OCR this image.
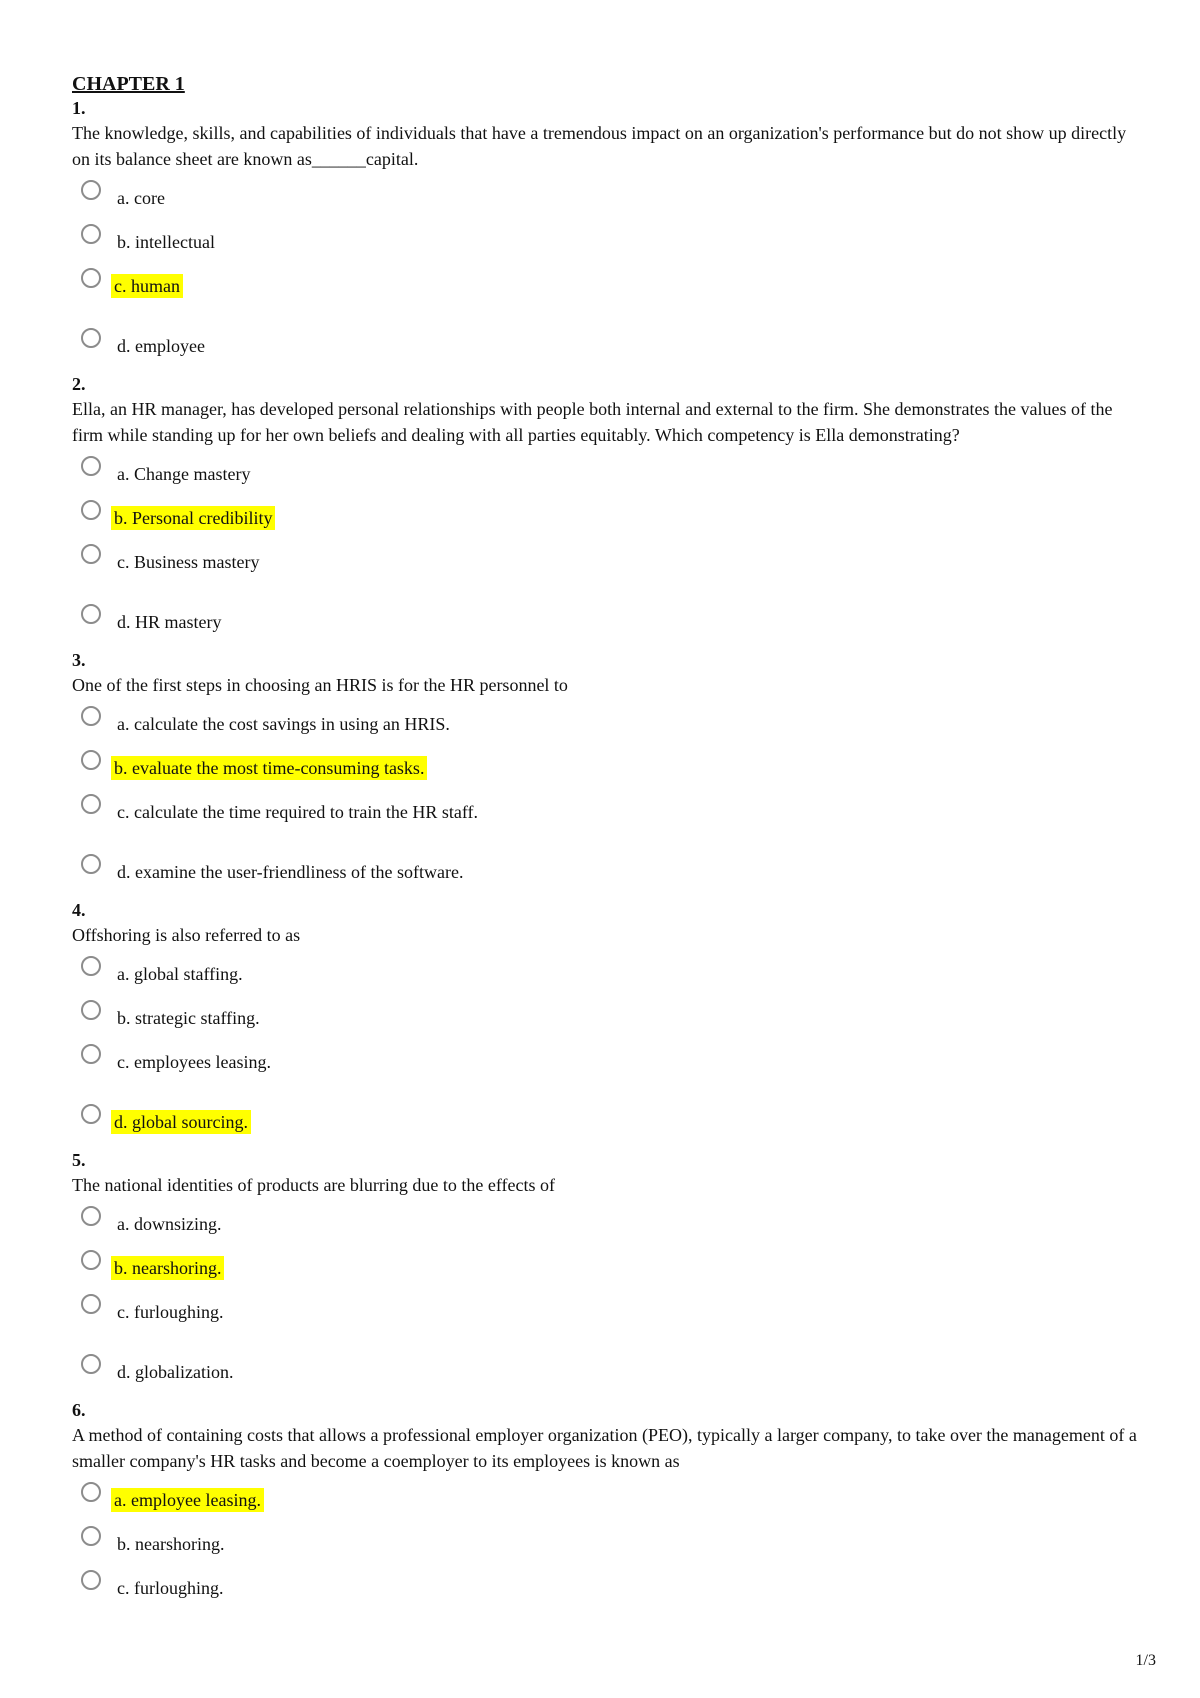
CHAPTER 1
1.
The knowledge, skills, and capabilities of individuals that have a tremendous impact on an organization's performance but do not show up directly on its balance sheet are known as______capital.
a. core
b. intellectual
c. human
d. employee
2.
Ella, an HR manager, has developed personal relationships with people both internal and external to the firm. She demonstrates the values of the firm while standing up for her own beliefs and dealing with all parties equitably. Which competency is Ella demonstrating?
a. Change mastery
b. Personal credibility
c. Business mastery
d. HR mastery
3.
One of the first steps in choosing an HRIS is for the HR personnel to
a. calculate the cost savings in using an HRIS.
b. evaluate the most time-consuming tasks.
c. calculate the time required to train the HR staff.
d. examine the user-friendliness of the software.
4.
Offshoring is also referred to as
a. global staffing.
b. strategic staffing.
c. employees leasing.
d. global sourcing.
5.
The national identities of products are blurring due to the effects of
a. downsizing.
b. nearshoring.
c. furloughing.
d. globalization.
6.
A method of containing costs that allows a professional employer organization (PEO), typically a larger company, to take over the management of a smaller company's HR tasks and become a coemployer to its employees is known as
a. employee leasing.
b. nearshoring.
c. furloughing.
1/3
